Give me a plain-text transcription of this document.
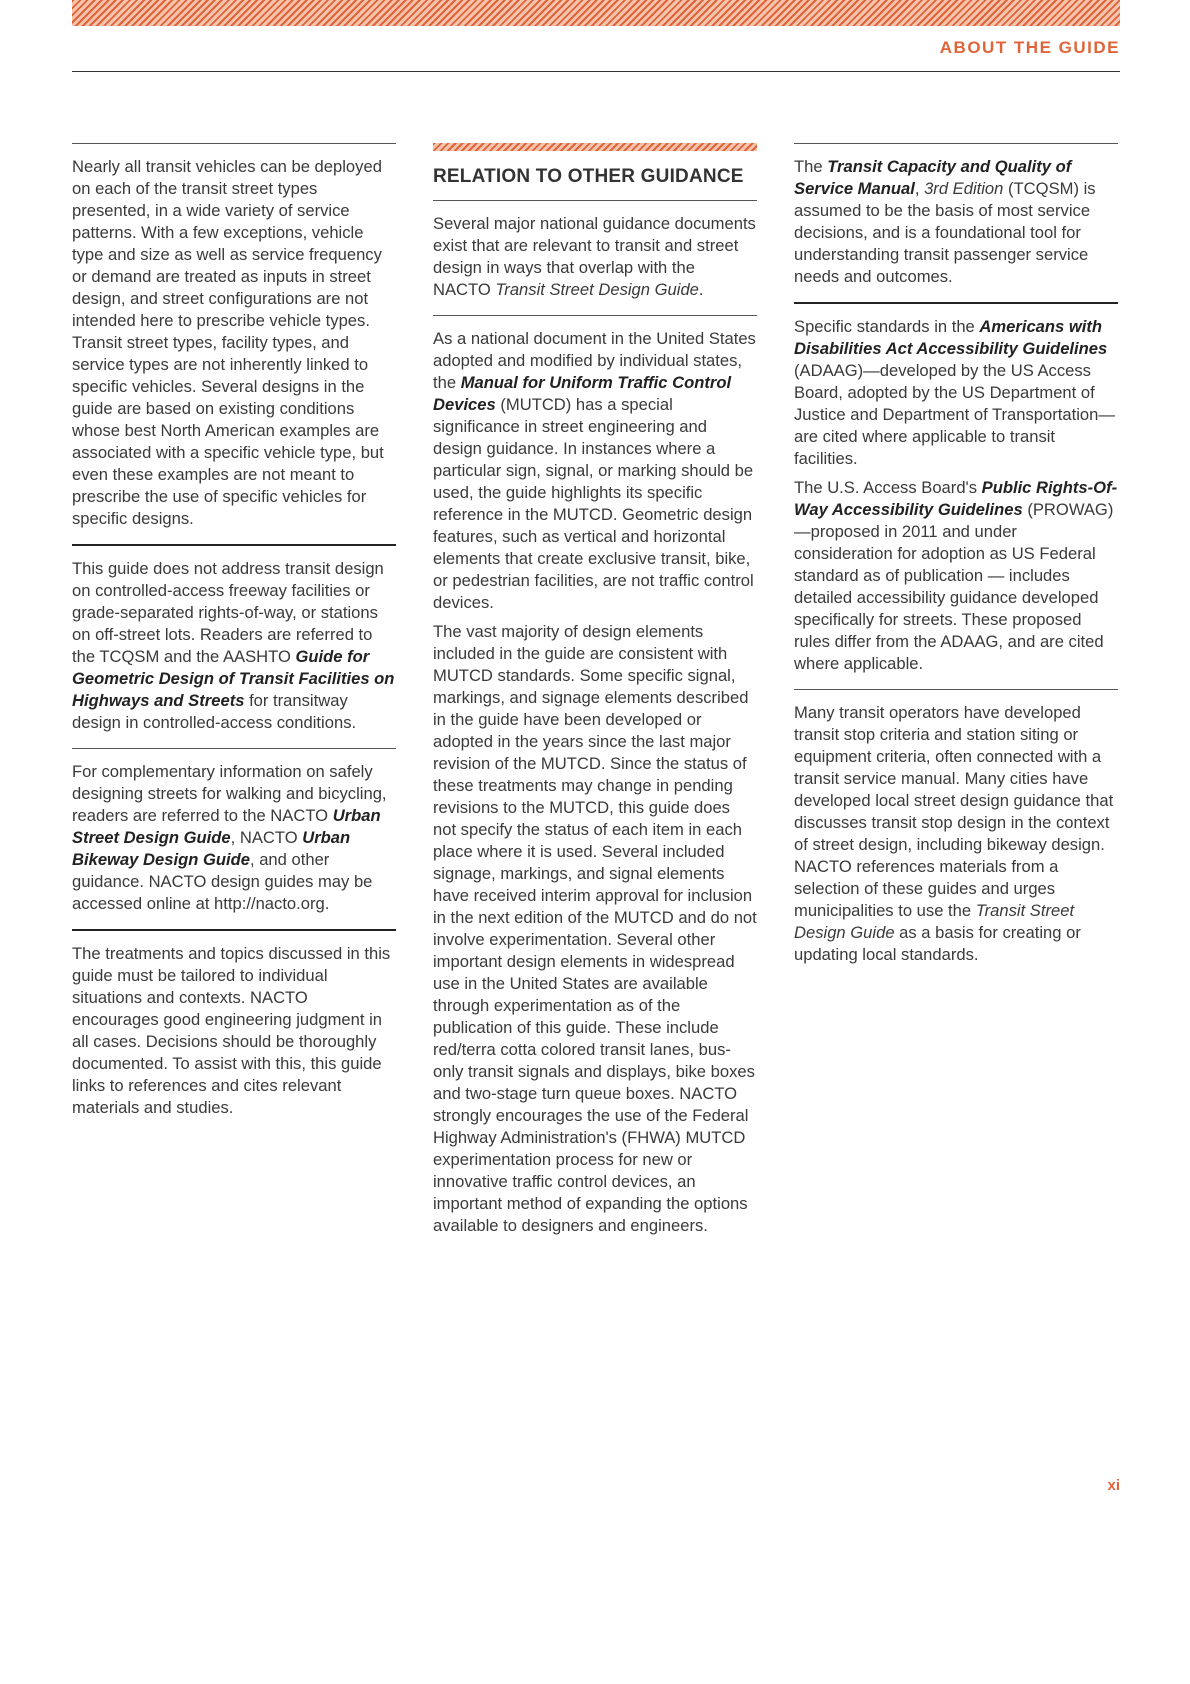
ABOUT THE GUIDE

Nearly all transit vehicles can be deployed on each of the transit street types presented, in a wide variety of service patterns. With a few exceptions, vehicle type and size as well as service frequency or demand are treated as inputs in street design, and street configurations are not intended here to prescribe vehicle types. Transit street types, facility types, and service types are not inherently linked to specific vehicles. Several designs in the guide are based on existing conditions whose best North American examples are associated with a specific vehicle type, but even these examples are not meant to prescribe the use of specific vehicles for specific designs.

This guide does not address transit design on controlled-access freeway facilities or grade-separated rights-of-way, or stations on off-street lots. Readers are referred to the TCQSM and the AASHTO Guide for Geometric Design of Transit Facilities on Highways and Streets for transitway design in controlled-access conditions.

For complementary information on safely designing streets for walking and bicycling, readers are referred to the NACTO Urban Street Design Guide, NACTO Urban Bikeway Design Guide, and other guidance. NACTO design guides may be accessed online at http://nacto.org.

The treatments and topics discussed in this guide must be tailored to individual situations and contexts. NACTO encourages good engineering judgment in all cases. Decisions should be thoroughly documented. To assist with this, this guide links to references and cites relevant materials and studies.

RELATION TO OTHER GUIDANCE

Several major national guidance documents exist that are relevant to transit and street design in ways that overlap with the NACTO Transit Street Design Guide.

As a national document in the United States adopted and modified by individual states, the Manual for Uniform Traffic Control Devices (MUTCD) has a special significance in street engineering and design guidance. In instances where a particular sign, signal, or marking should be used, the guide highlights its specific reference in the MUTCD. Geometric design features, such as vertical and horizontal elements that create exclusive transit, bike, or pedestrian facilities, are not traffic control devices.

The vast majority of design elements included in the guide are consistent with MUTCD standards. Some specific signal, markings, and signage elements described in the guide have been developed or adopted in the years since the last major revision of the MUTCD. Since the status of these treatments may change in pending revisions to the MUTCD, this guide does not specify the status of each item in each place where it is used. Several included signage, markings, and signal elements have received interim approval for inclusion in the next edition of the MUTCD and do not involve experimentation. Several other important design elements in widespread use in the United States are available through experimentation as of the publication of this guide. These include red/terra cotta colored transit lanes, bus-only transit signals and displays, bike boxes and two-stage turn queue boxes. NACTO strongly encourages the use of the Federal Highway Administration's (FHWA) MUTCD experimentation process for new or innovative traffic control devices, an important method of expanding the options available to designers and engineers.

The Transit Capacity and Quality of Service Manual, 3rd Edition (TCQSM) is assumed to be the basis of most service decisions, and is a foundational tool for understanding transit passenger service needs and outcomes.

Specific standards in the Americans with Disabilities Act Accessibility Guidelines (ADAAG)—developed by the US Access Board, adopted by the US Department of Justice and Department of Transportation—are cited where applicable to transit facilities.

The U.S. Access Board's Public Rights-Of-Way Accessibility Guidelines (PROWAG)—proposed in 2011 and under consideration for adoption as US Federal standard as of publication — includes detailed accessibility guidance developed specifically for streets. These proposed rules differ from the ADAAG, and are cited where applicable.

Many transit operators have developed transit stop criteria and station siting or equipment criteria, often connected with a transit service manual. Many cities have developed local street design guidance that discusses transit stop design in the context of street design, including bikeway design. NACTO references materials from a selection of these guides and urges municipalities to use the Transit Street Design Guide as a basis for creating or updating local standards.

xi
